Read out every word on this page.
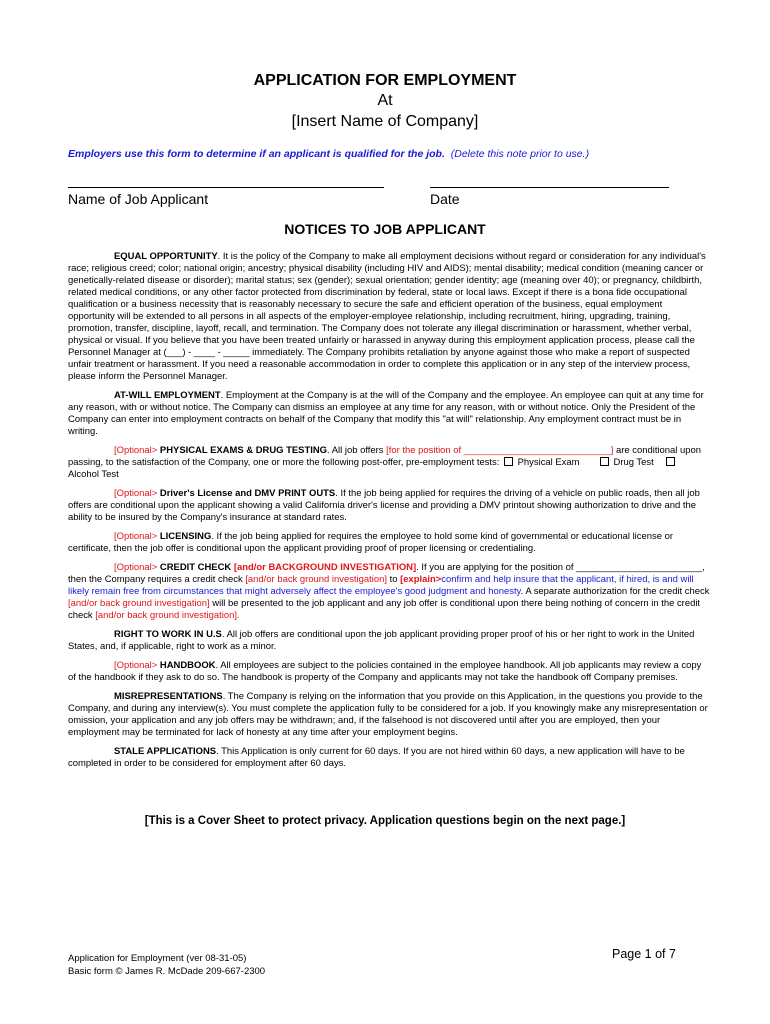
APPLICATION FOR EMPLOYMENT
At
[Insert Name of Company]
Employers use this form to determine if an applicant is qualified for the job. (Delete this note prior to use.)
Name of Job Applicant	Date
NOTICES TO JOB APPLICANT

EQUAL OPPORTUNITY. It is the policy of the Company to make all employment decisions without regard or consideration for any individual's race; religious creed; color; national origin; ancestry; physical disability (including HIV and AIDS); mental disability; medical condition (meaning cancer or genetically-related disease or disorder); marital status; sex (gender); sexual orientation; gender identity; age (meaning over 40); or pregnancy, childbirth, related medical conditions, or any other factor protected from discrimination by federal, state or local laws. Except if there is a bona fide occupational qualification or a business necessity that is reasonably necessary to secure the safe and efficient operation of the business, equal employment opportunity will be extended to all persons in all aspects of the employer-employee relationship, including recruitment, hiring, upgrading, training, promotion, transfer, discipline, layoff, recall, and termination. The Company does not tolerate any illegal discrimination or harassment, whether verbal, physical or visual. If you believe that you have been treated unfairly or harassed in anyway during this employment application process, please call the Personnel Manager at (___) - ____ - _____ immediately. The Company prohibits retaliation by anyone against those who make a report of suspected unfair treatment or harassment. If you need a reasonable accommodation in order to complete this application or in any step of the interview process, please inform the Personnel Manager.

AT-WILL EMPLOYMENT. Employment at the Company is at the will of the Company and the employee. An employee can quit at any time for any reason, with or without notice. The Company can dismiss an employee at any time for any reason, with or without notice. Only the President of the Company can enter into employment contracts on behalf of the Company that modify this "at will" relationship. Any employment contract must be in writing.

[Optional> PHYSICAL EXAMS & DRUG TESTING. All job offers [for the position of ____________________________] are conditional upon passing, to the satisfaction of the Company, one or more the following post-offer, pre-employment tests:  Physical Exam	Drug Test     Alcohol Test

[Optional> Driver's License and DMV PRINT OUTS. If the job being applied for requires the driving of a vehicle on public roads, then all job offers are conditional upon the applicant showing a valid California driver's license and providing a DMV printout showing authorization to drive and the ability to be insured by the Company's insurance at standard rates.

[Optional> LICENSING. If the job being applied for requires the employee to hold some kind of governmental or educational license or certificate, then the job offer is conditional upon the applicant providing proof of proper licensing or credentialing.

[Optional> CREDIT CHECK [and/or BACKGROUND INVESTIGATION]. If you are applying for the position of ________________________, then the Company requires a credit check [and/or back ground investigation] to [explain>confirm and help insure that the applicant, if hired, is and will likely remain free from circumstances that might adversely affect the employee's good judgment and honesty. A separate authorization for the credit check [and/or back ground investigation] will be presented to the job applicant and any job offer is conditional upon there being nothing of concern in the credit check [and/or back ground investigation].

RIGHT TO WORK IN U.S. All job offers are conditional upon the job applicant providing proper proof of his or her right to work in the United States, and, if applicable, right to work as a minor.

[Optional> HANDBOOK. All employees are subject to the policies contained in the employee handbook. All job applicants may review a copy of the handbook if they ask to do so. The handbook is property of the Company and applicants may not take the handbook off Company premises.

MISREPRESENTATIONS. The Company is relying on the information that you provide on this Application, in the questions you provide to the Company, and during any interview(s). You must complete the application fully to be considered for a job. If you knowingly make any misrepresentation or omission, your application and any job offers may be withdrawn; and, if the falsehood is not discovered until after you are employed, then your employment may be terminated for lack of honesty at any time after your employment begins.

STALE APPLICATIONS. This Application is only current for 60 days. If you are not hired within 60 days, a new application will have to be completed in order to be considered for employment after 60 days.

[This is a Cover Sheet to protect privacy. Application questions begin on the next page.]
Application for Employment (ver 08-31-05)
Basic form © James R. McDade 209-667-2300
Page 1 of 7
